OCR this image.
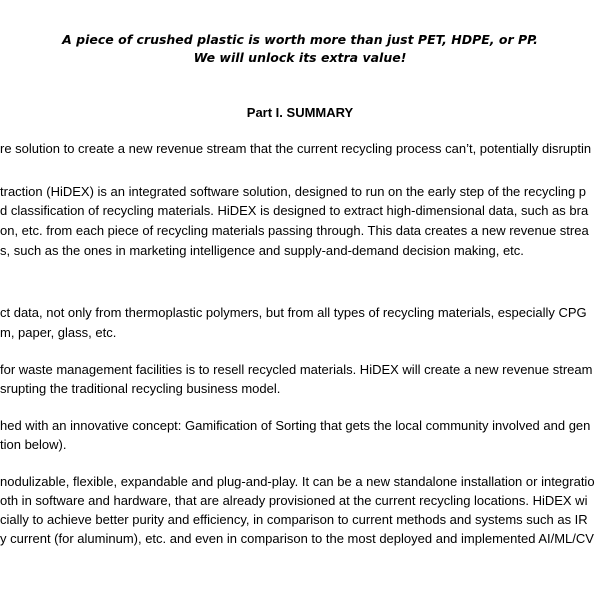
A piece of crushed plastic is worth more than just PET, HDPE, or PP.
We will unlock its extra value!
Part I. SUMMARY
re solution to create a new revenue stream that the current recycling process can’t, potentially disruptin
traction (HiDEX) is an integrated software solution, designed to run on the early step of the recycling p
d classification of recycling materials. HiDEX is designed to extract high-dimensional data, such as bra
on, etc. from each piece of recycling materials passing through. This data creates a new revenue strea
s, such as the ones in marketing intelligence and supply-and-demand decision making, etc.
ct data, not only from thermoplastic polymers, but from all types of recycling materials, especially CPG
m, paper, glass, etc.
for waste management facilities is to resell recycled materials. HiDEX will create a new revenue stream
srupting the traditional recycling business model.
hed with an innovative concept: Gamification of Sorting that gets the local community involved and gen
tion below).
nodulizable, flexible, expandable and plug-and-play. It can be a new standalone installation or integratio
oth in software and hardware, that are already provisioned at the current recycling locations. HiDEX wi
cially to achieve better purity and efficiency, in comparison to current methods and systems such as IR
y current (for aluminum), etc. and even in comparison to the most deployed and implemented AI/ML/CV
